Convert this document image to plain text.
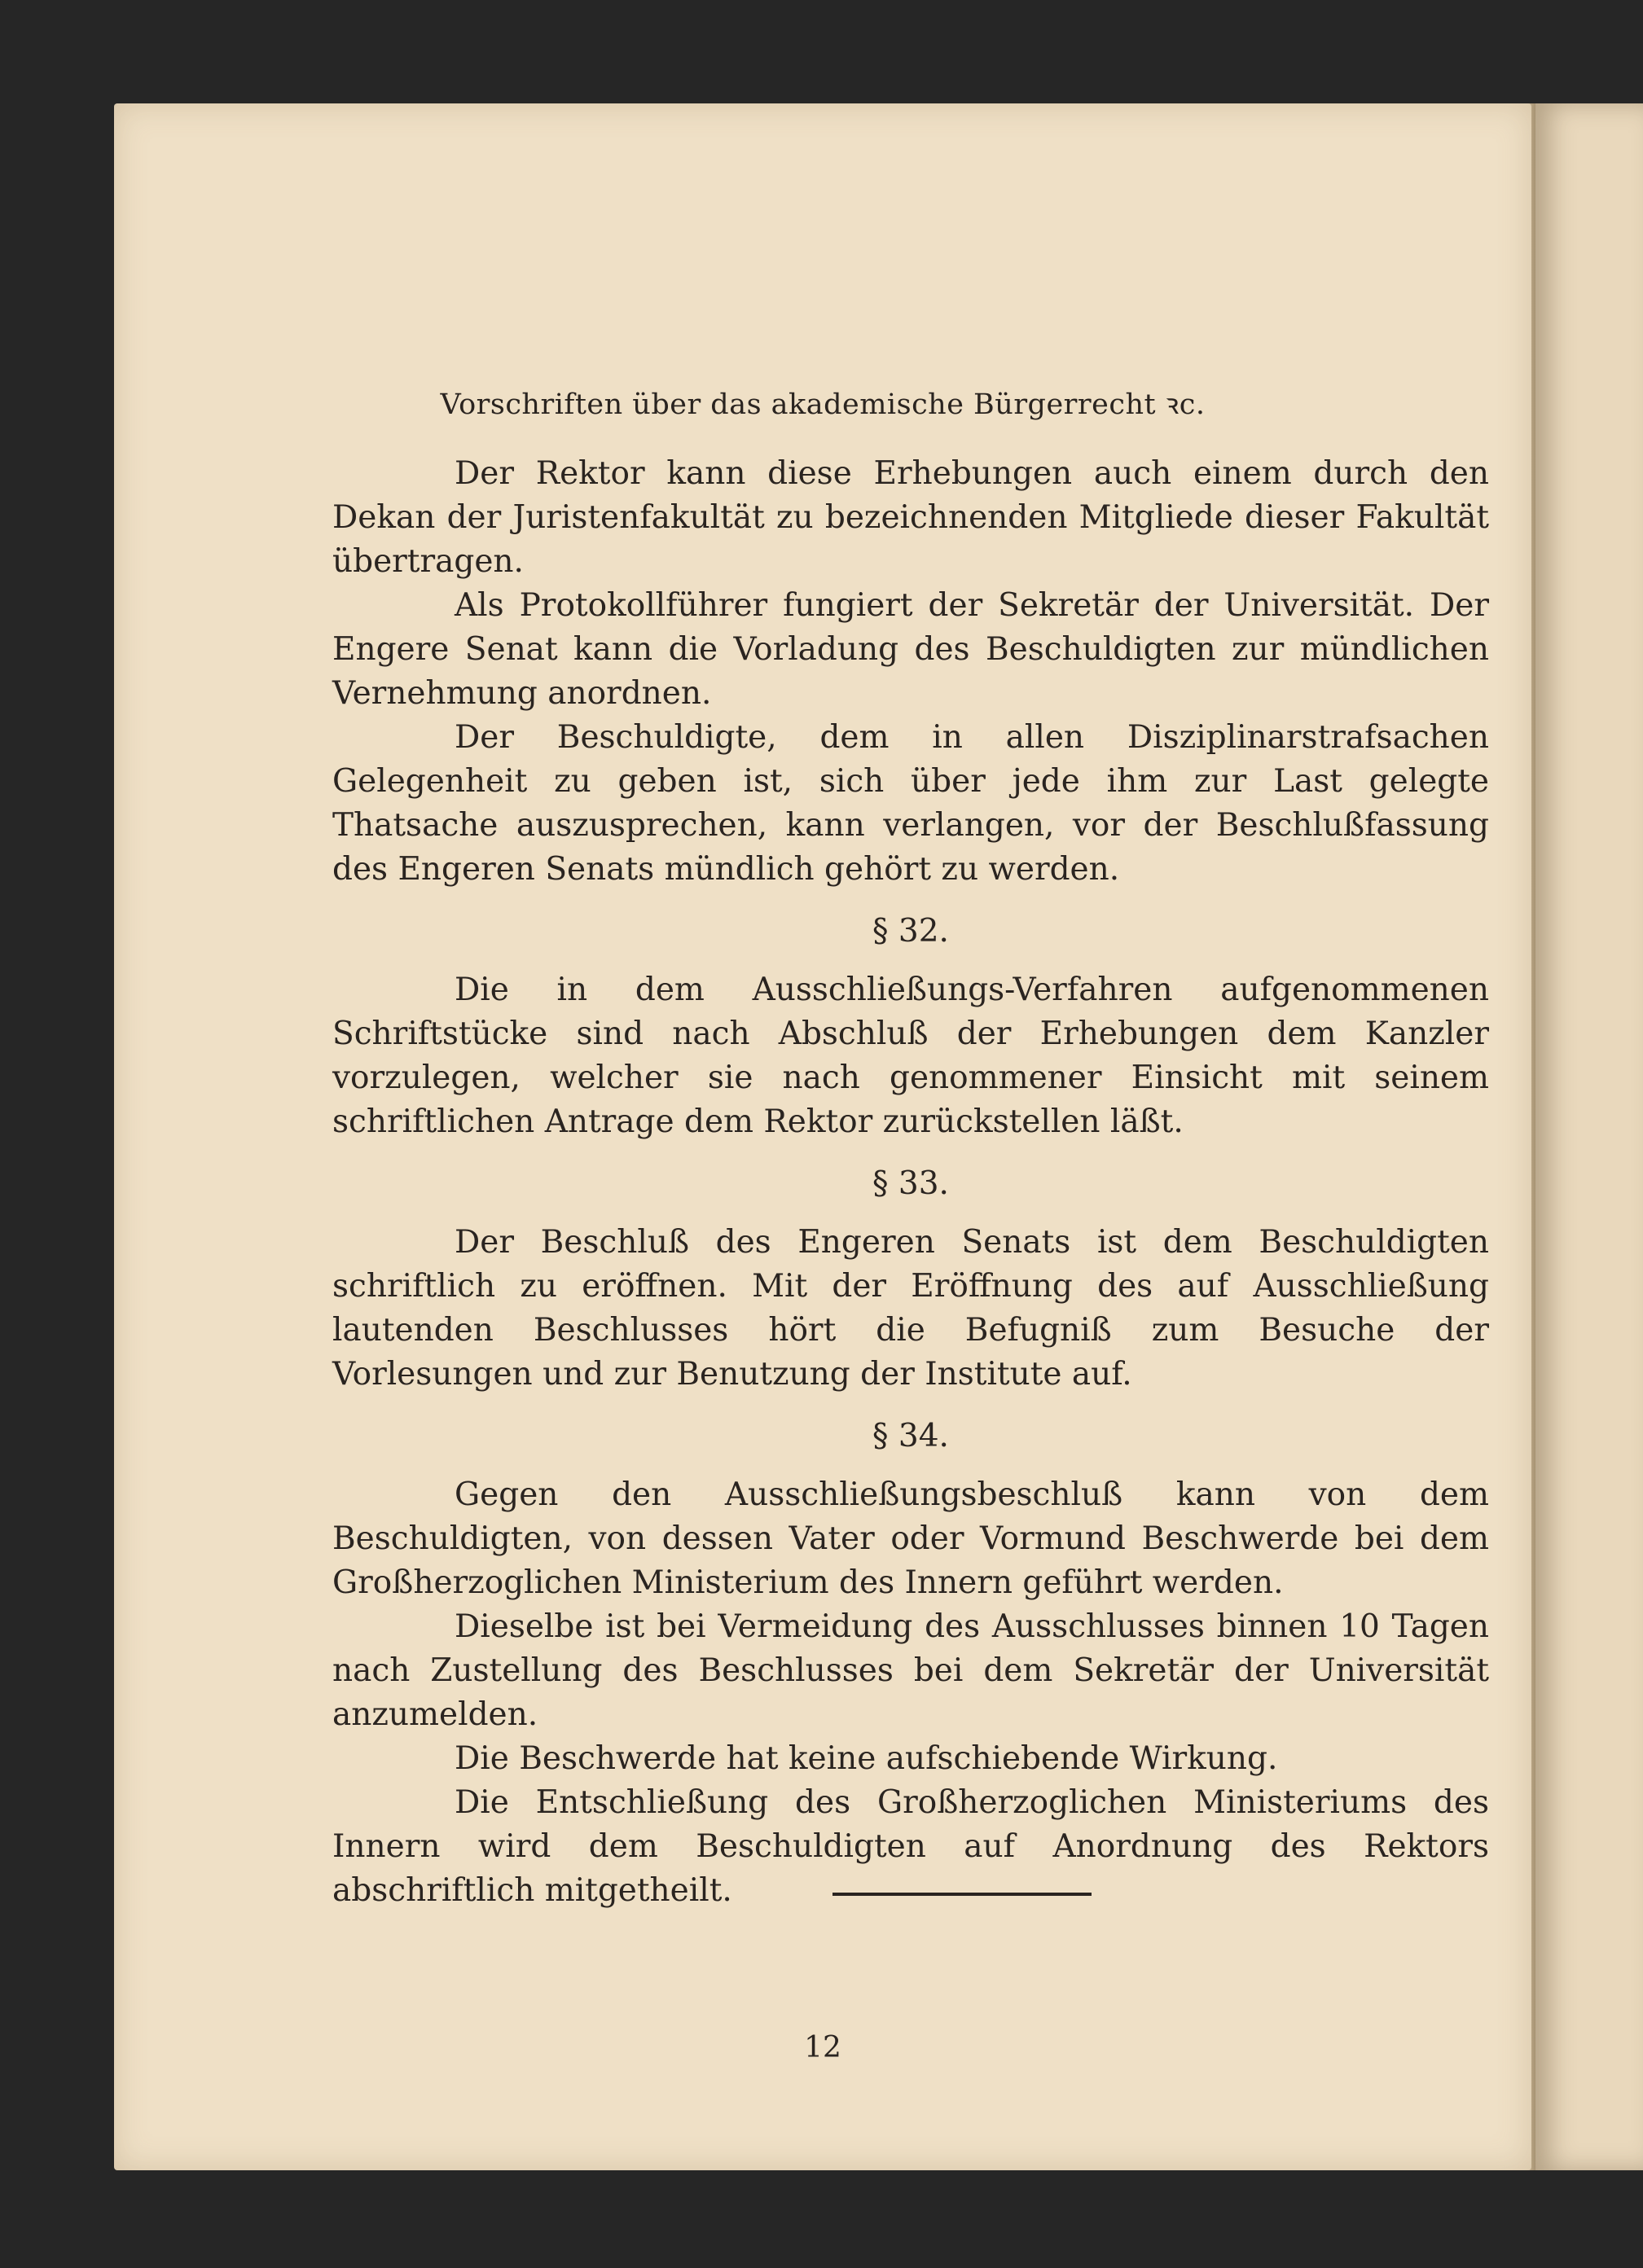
Vorschriften über das akademische Bürgerrecht ꝛc.

Der Rektor kann diese Erhebungen auch einem durch den Dekan der Juristenfakultät zu bezeichnenden Mitgliede dieser Fakultät übertragen.

Als Protokollführer fungiert der Sekretär der Universität. Der Engere Senat kann die Vorladung des Beschuldigten zur mündlichen Vernehmung anordnen.

Der Beschuldigte, dem in allen Disziplinarstrafsachen Gelegenheit zu geben ist, sich über jede ihm zur Last gelegte Thatsache auszusprechen, kann verlangen, vor der Beschlußfassung des Engeren Senats mündlich gehört zu werden.

§ 32.

Die in dem Ausschließungs-Verfahren aufgenommenen Schriftstücke sind nach Abschluß der Erhebungen dem Kanzler vorzulegen, welcher sie nach genommener Einsicht mit seinem schriftlichen Antrage dem Rektor zurückstellen läßt.

§ 33.

Der Beschluß des Engeren Senats ist dem Beschuldigten schriftlich zu eröffnen. Mit der Eröffnung des auf Ausschließung lautenden Beschlusses hört die Befugniß zum Besuche der Vorlesungen und zur Benutzung der Institute auf.

§ 34.

Gegen den Ausschließungsbeschluß kann von dem Beschuldigten, von dessen Vater oder Vormund Beschwerde bei dem Großherzoglichen Ministerium des Innern geführt werden.

Dieselbe ist bei Vermeidung des Ausschlusses binnen 10 Tagen nach Zustellung des Beschlusses bei dem Sekretär der Universität anzumelden.

Die Beschwerde hat keine aufschiebende Wirkung.

Die Entschließung des Großherzoglichen Ministeriums des Innern wird dem Beschuldigten auf Anordnung des Rektors abschriftlich mitgetheilt.

12
